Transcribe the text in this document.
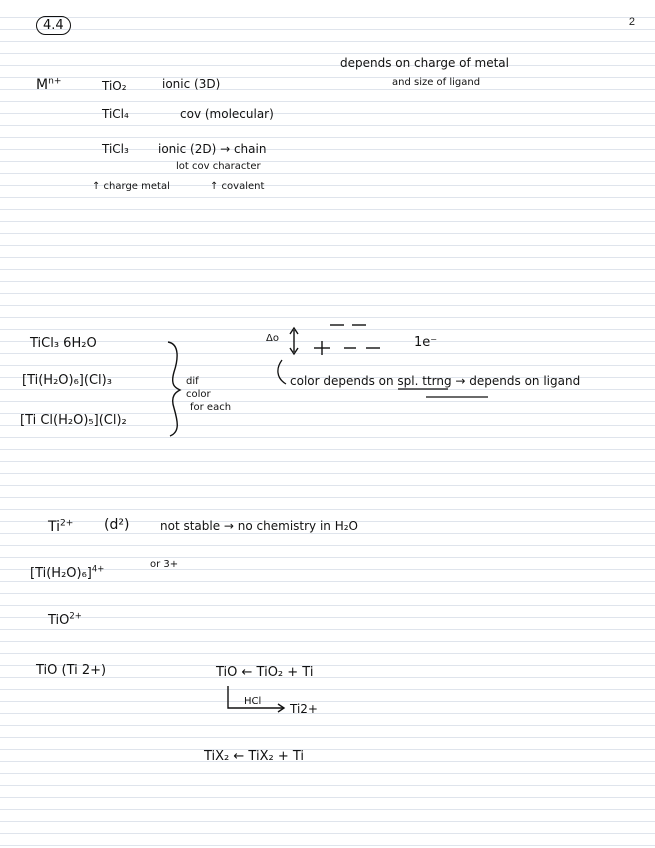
2
4.4
$M^{n+}$	TiO₂	ionic (3D)
TiCl₄	cov (molecular)
TiCl₃ ionic (2D) → chain
lot cov character
↑ charge metal	↑ covalent
depends on charge of metal
and size of ligand
TiCl₃ 6H₂O
[Ti(H₂O)₆](Cl)₃
[Ti Cl(H₂O)₅](Cl)₂
dif
color
for each
Δo	1e⁻
color depends on spl. ttrng → depends on ligand
$Ti^{2+}$ (d²)	not stable → no chemistry in H₂O
$[Ti(H_2O)_6]^{4+}$	or 3+
TiO$^{2+}$
TiO (Ti 2+)	TiO ← TiO₂ + Ti
HCl
Ti2+
TiX₂ ← TiX₂ + Ti
